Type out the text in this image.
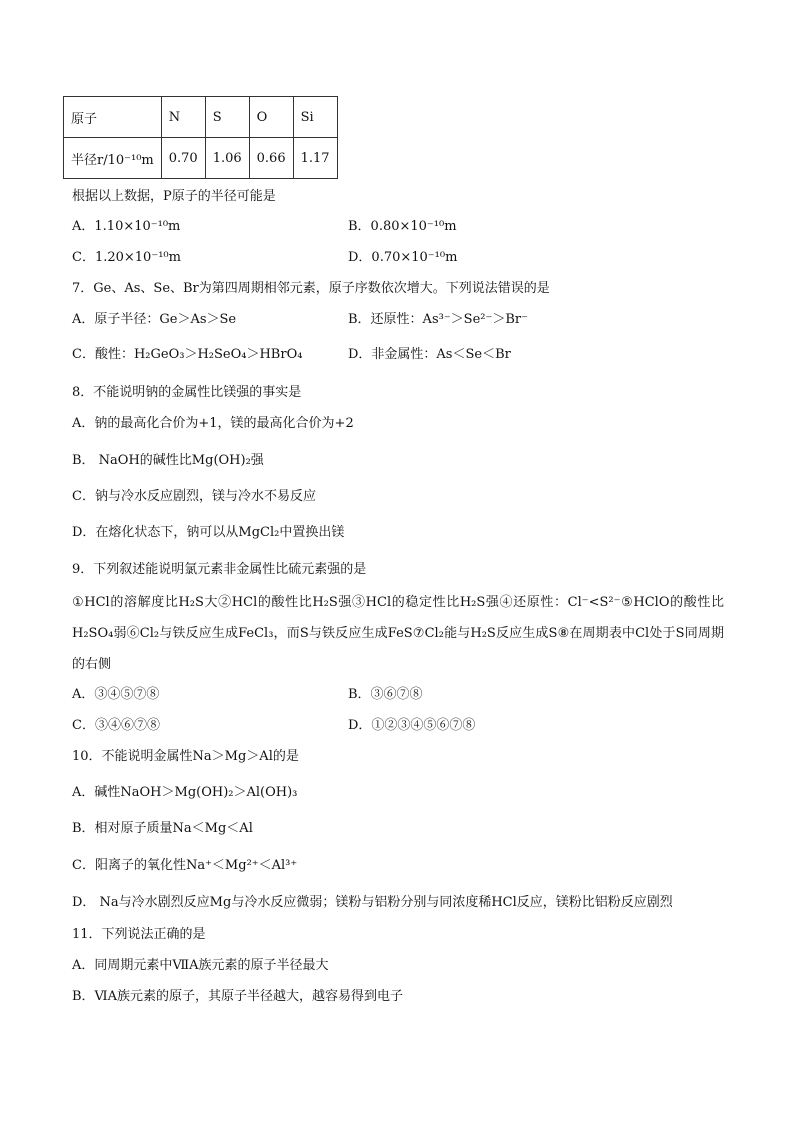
原子	N	S	O	Si
半径r/10⁻¹⁰m	0.70	1.06	0.66	1.17
根据以上数据，P原子的半径可能是
A．1.10×10⁻¹⁰m	B．0.80×10⁻¹⁰m
C．1.20×10⁻¹⁰m	D．0.70×10⁻¹⁰m
7．Ge、As、Se、Br为第四周期相邻元素，原子序数依次增大。下列说法错误的是
A．原子半径：Ge＞As＞Se	B．还原性：As³⁻＞Se²⁻＞Br⁻
C．酸性：H₂GeO₃＞H₂SeO₄＞HBrO₄	D．非金属性：As＜Se＜Br
8．不能说明钠的金属性比镁强的事实是
A．钠的最高化合价为+1，镁的最高化合价为+2
B． NaOH的碱性比Mg(OH)₂强
C．钠与冷水反应剧烈，镁与冷水不易反应
D．在熔化状态下，钠可以从MgCl₂中置换出镁
9．下列叙述能说明氯元素非金属性比硫元素强的是
①HCl的溶解度比H₂S大②HCl的酸性比H₂S强③HCl的稳定性比H₂S强④还原性：Cl⁻<S²⁻⑤HClO的酸性比H₂SO₄弱⑥Cl₂与铁反应生成FeCl₃，而S与铁反应生成FeS⑦Cl₂能与H₂S反应生成S⑧在周期表中Cl处于S同周期的右侧
A．③④⑤⑦⑧	B．③⑥⑦⑧
C．③④⑥⑦⑧	D．①②③④⑤⑥⑦⑧
10．不能说明金属性Na＞Mg＞Al的是
A．碱性NaOH＞Mg(OH)₂＞Al(OH)₃
B．相对原子质量Na＜Mg＜Al
C．阳离子的氧化性Na⁺＜Mg²⁺＜Al³⁺
D． Na与冷水剧烈反应Mg与冷水反应微弱；镁粉与铝粉分别与同浓度稀HCl反应，镁粉比铝粉反应剧烈
11．下列说法正确的是
A．同周期元素中ⅦA族元素的原子半径最大
B．ⅥA族元素的原子，其原子半径越大，越容易得到电子
